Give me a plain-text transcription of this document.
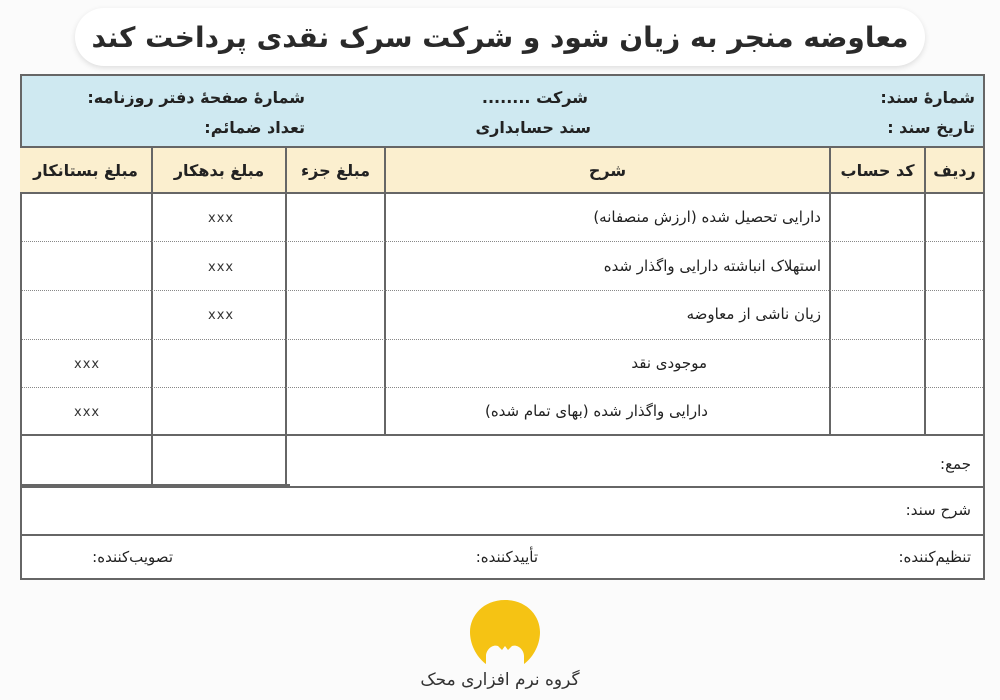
معاوضه منجر به زیان شود و شرکت سرک نقدی پرداخت کند
شمارهٔ سند:
تاریخ سند :
شرکت ........
سند حسابداری
شمارهٔ صفحهٔ دفتر روزنامه:
تعداد ضمائم:
ردیف
کد حساب
شرح
مبلغ جزء
مبلغ بدهکار
مبلغ بستانکار
دارایی تحصیل شده (ارزش منصفانه)
xxx
استهلاک انباشته دارایی واگذار شده
xxx
زیان ناشی از معاوضه
xxx
موجودی نقد
xxx
دارایی واگذار شده (بهای تمام شده)
xxx
جمع:
شرح سند:
تنظیم‌کننده:
تأییدکننده:
تصویب‌کننده:
گروه نرم افزاری محک
